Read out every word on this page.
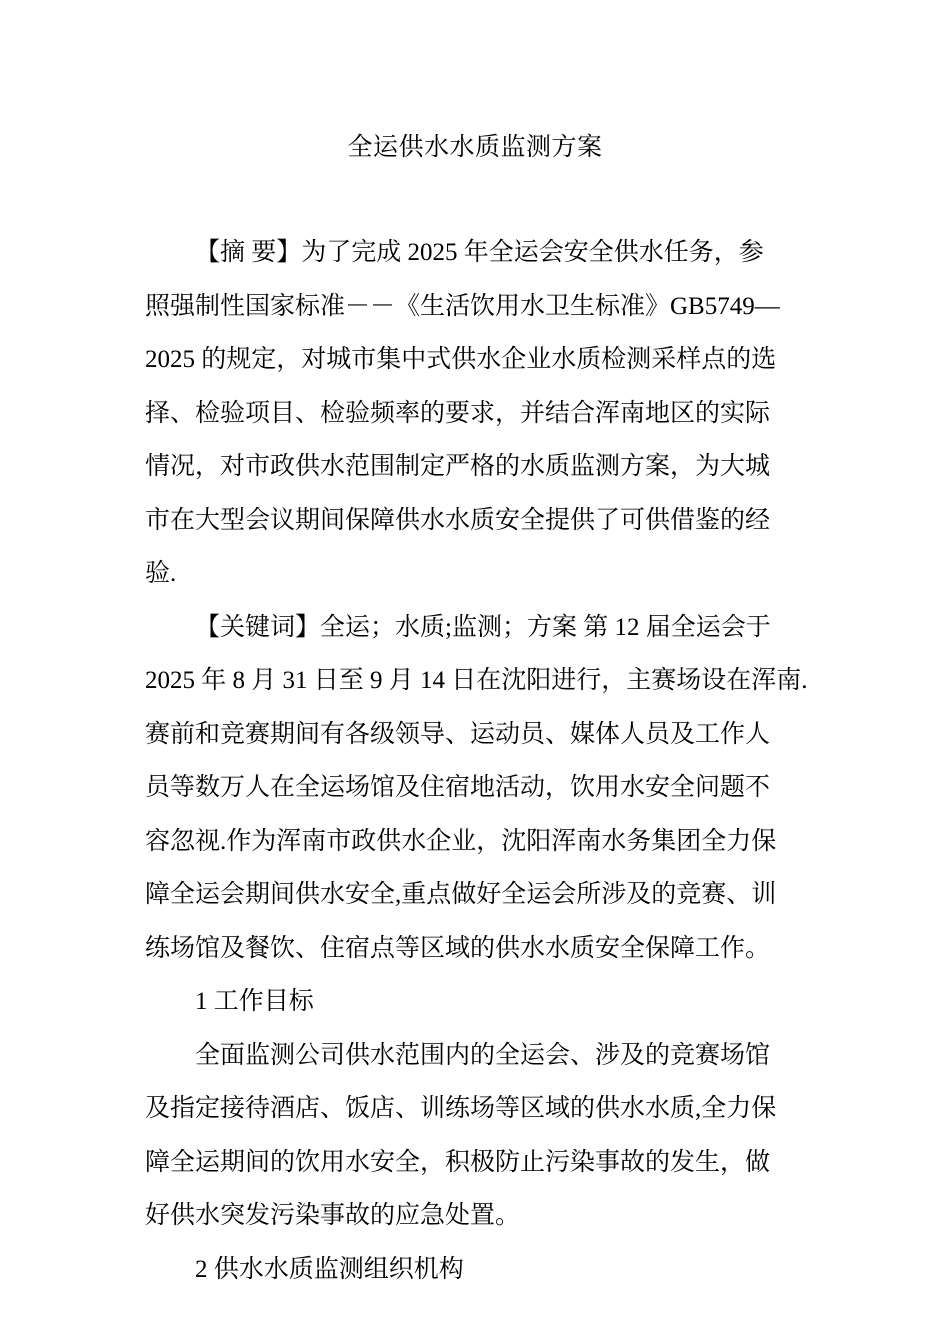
全运供水水质监测方案
【摘 要】为了完成 2025 年全运会安全供水任务，参
照强制性国家标准－－《生活饮用水卫生标准》GB5749—
2025 的规定，对城市集中式供水企业水质检测采样点的选
择、检验项目、检验频率的要求，并结合浑南地区的实际
情况，对市政供水范围制定严格的水质监测方案，为大城
市在大型会议期间保障供水水质安全提供了可供借鉴的经
验.
【关键词】全运；水质;监测；方案 第 12 届全运会于
2025 年 8 月 31 日至 9 月 14 日在沈阳进行，主赛场设在浑南.
赛前和竞赛期间有各级领导、运动员、媒体人员及工作人
员等数万人在全运场馆及住宿地活动，饮用水安全问题不
容忽视.作为浑南市政供水企业，沈阳浑南水务集团全力保
障全运会期间供水安全,重点做好全运会所涉及的竞赛、训
练场馆及餐饮、住宿点等区域的供水水质安全保障工作。
1 工作目标
全面监测公司供水范围内的全运会、涉及的竞赛场馆
及指定接待酒店、饭店、训练场等区域的供水水质,全力保
障全运期间的饮用水安全，积极防止污染事故的发生，做
好供水突发污染事故的应急处置。
2 供水水质监测组织机构
